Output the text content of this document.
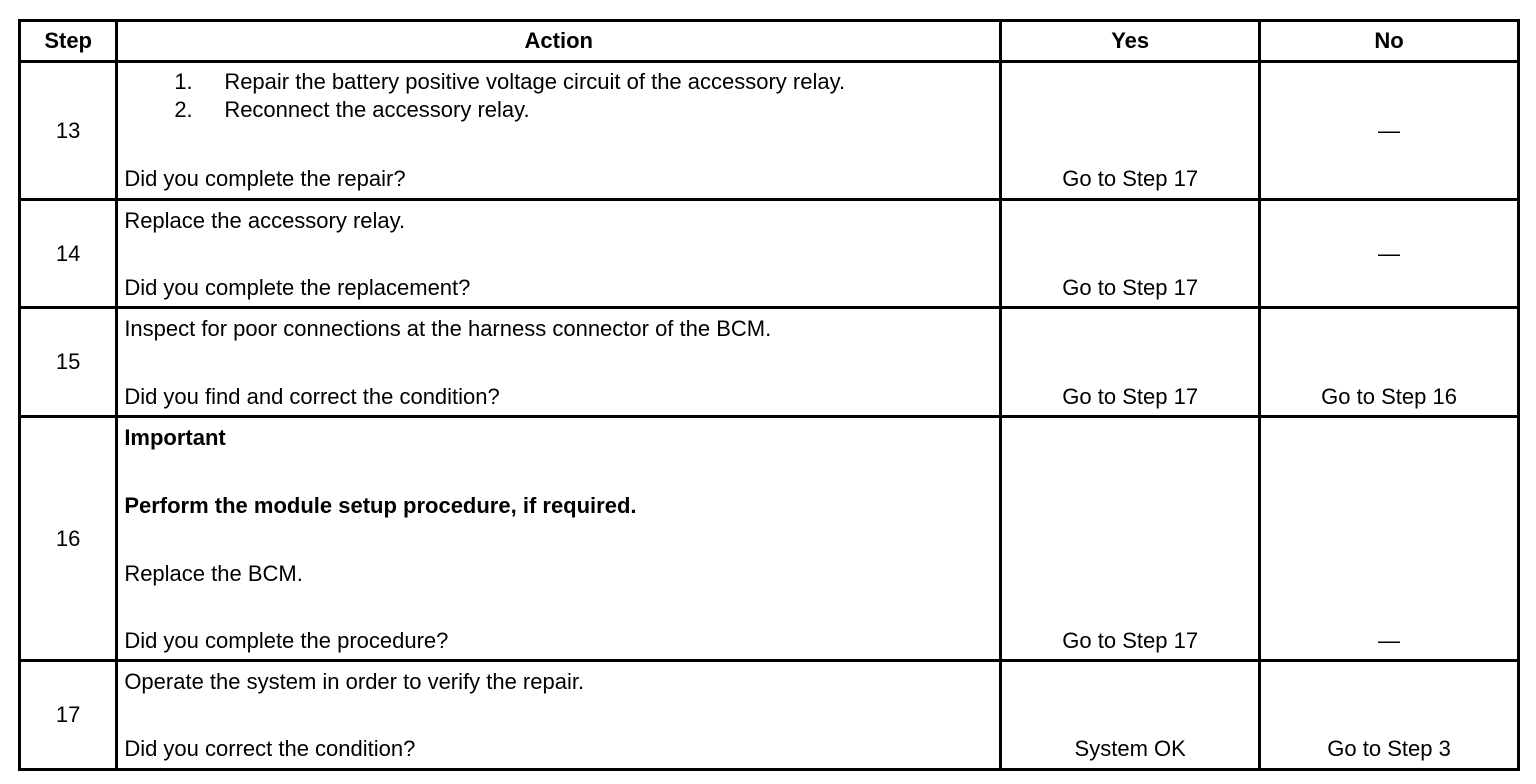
Step	Action	Yes	No
13	1. Repair the battery positive voltage circuit of the accessory relay.
2. Reconnect the accessory relay.
Did you complete the repair?	Go to Step 17	—

14	Replace the accessory relay.
Did you complete the replacement?	Go to Step 17	—

15	Inspect for poor connections at the harness connector of the BCM.
Did you find and correct the condition?	Go to Step 17	Go to Step 16

16	Important
Perform the module setup procedure, if required.
Replace the BCM.
Did you complete the procedure?	Go to Step 17	—

17	Operate the system in order to verify the repair.
Did you correct the condition?	System OK	Go to Step 3
